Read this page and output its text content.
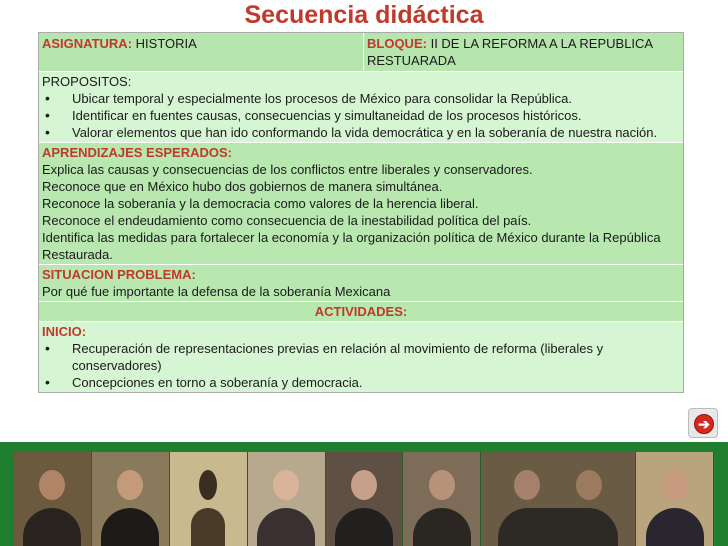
Secuencia didáctica
ASIGNATURA: HISTORIA	BLOQUE: II DE LA REFORMA A LA REPUBLICA RESTUARADA
PROPOSITOS:
• Ubicar temporal y especialmente los procesos de México para consolidar la República.
• Identificar en fuentes causas, consecuencias y simultaneidad de los procesos históricos.
• Valorar elementos que han ido conformando la vida democrática y en la soberanía de nuestra nación.
APRENDIZAJES ESPERADOS:
Explica las causas y consecuencias de los conflictos entre liberales y conservadores.
Reconoce que en México hubo dos gobiernos de manera simultánea.
Reconoce la soberanía y la democracia como valores de la herencia liberal.
Reconoce el endeudamiento como consecuencia de la inestabilidad política del país.
Identifica las medidas para fortalecer la economía y la organización política de México durante la República Restaurada.
SITUACION PROBLEMA:
Por qué fue importante la defensa de la soberanía Mexicana
ACTIVIDADES:
INICIO:
• Recuperación de representaciones previas en relación al movimiento de reforma (liberales y conservadores)
• Concepciones en torno a soberanía y democracia.
➔
